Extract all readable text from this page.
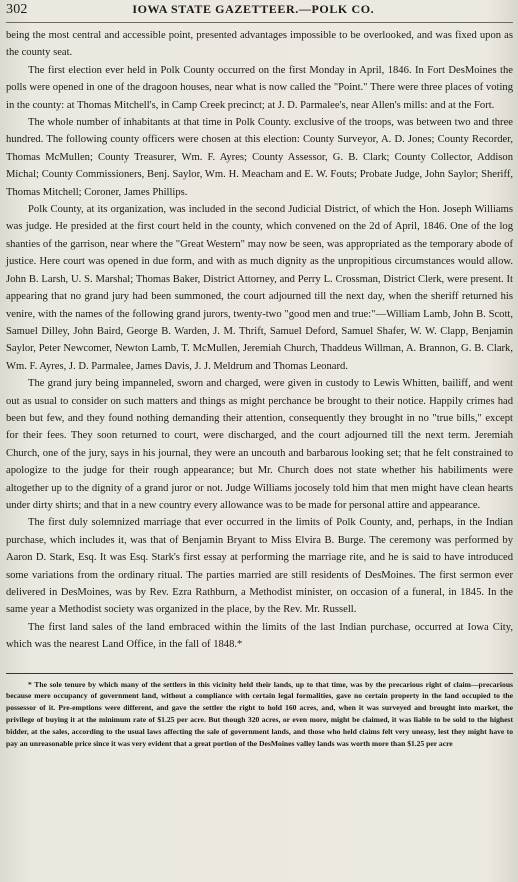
302	IOWA STATE GAZETTEER.—POLK CO.

being the most central and accessible point, presented advantages impossible to be overlooked, and was fixed upon as the county seat.

The first election ever held in Polk County occurred on the first Monday in April, 1846. In Fort DesMoines the polls were opened in one of the dragoon houses, near what is now called the "Point." There were three places of voting in the county: at Thomas Mitchell's, in Camp Creek precinct; at J. D. Parmalee's, near Allen's mills: and at the Fort.

The whole number of inhabitants at that time in Polk County. exclusive of the troops, was between two and three hundred. The following county officers were chosen at this election: County Surveyor, A. D. Jones; County Recorder, Thomas McMullen; County Treasurer, Wm. F. Ayres; County Assessor, G. B. Clark; County Collector, Addison Michal; County Commissioners, Benj. Saylor, Wm. H. Meacham and E. W. Fouts; Probate Judge, John Saylor; Sheriff, Thomas Mitchell; Coroner, James Phillips.

Polk County, at its organization, was included in the second Judicial District, of which the Hon. Joseph Williams was judge. He presided at the first court held in the county, which convened on the 2d of April, 1846. One of the log shanties of the garrison, near where the "Great Western" may now be seen, was appropriated as the temporary abode of justice. Here court was opened in due form, and with as much dignity as the unpropitious circumstances would allow. John B. Larsh, U. S. Marshal; Thomas Baker, District Attorney, and Perry L. Crossman, District Clerk, were present. It appearing that no grand jury had been summoned, the court adjourned till the next day, when the sheriff returned his venire, with the names of the following grand jurors, twenty-two "good men and true:"—William Lamb, John B. Scott, Samuel Dilley, John Baird, George B. Warden, J. M. Thrift, Samuel Deford, Samuel Shafer, W. W. Clapp, Benjamin Saylor, Peter Newcomer, Newton Lamb, T. McMullen, Jeremiah Church, Thaddeus Willman, A. Brannon, G. B. Clark, Wm. F. Ayres, J. D. Parmalee, James Davis, J. J. Meldrum and Thomas Leonard.

The grand jury being impanneled, sworn and charged, were given in custody to Lewis Whitten, bailiff, and went out as usual to consider on such matters and things as might perchance be brought to their notice. Happily crimes had been but few, and they found nothing demanding their attention, consequently they brought in no "true bills," except for their fees. They soon returned to court, were discharged, and the court adjourned till the next term. Jeremiah Church, one of the jury, says in his journal, they were an uncouth and barbarous looking set; that he felt constrained to apologize to the judge for their rough appearance; but Mr. Church does not state whether his habiliments were altogether up to the dignity of a grand juror or not. Judge Williams jocosely told him that men might have clean hearts under dirty shirts; and that in a new country every allowance was to be made for personal attire and appearance.

The first duly solemnized marriage that ever occurred in the limits of Polk County, and, perhaps, in the Indian purchase, which includes it, was that of Benjamin Bryant to Miss Elvira B. Burge. The ceremony was performed by Aaron D. Stark, Esq. It was Esq. Stark's first essay at performing the marriage rite, and he is said to have introduced some variations from the ordinary ritual. The parties married are still residents of DesMoines. The first sermon ever delivered in DesMoines, was by Rev. Ezra Rathburn, a Methodist minister, on occasion of a funeral, in 1845. In the same year a Methodist society was organized in the place, by the Rev. Mr. Russell.

The first land sales of the land embraced within the limits of the last Indian purchase, occurred at Iowa City, which was the nearest Land Office, in the fall of 1848.*

* The sole tenure by which many of the settlers in this vicinity held their lands, up to that time, was by the precarious right of claim—precarious because mere occupancy of government land, without a compliance with certain legal formalities, gave no certain property in the land occupied to the possessor of it. Pre-emptions were different, and gave the settler the right to hold 160 acres, and, when it was surveyed and brought into market, the privilege of buying it at the minimum rate of $1.25 per acre. But though 320 acres, or even more, might be claimed, it was liable to be sold to the highest bidder, at the sales, according to the usual laws affecting the sale of government lands, and those who held claims felt very uneasy, lest they might have to pay an unreasonable price since it was very evident that a great portion of the DesMoines valley lands was worth more than $1.25 per acre
